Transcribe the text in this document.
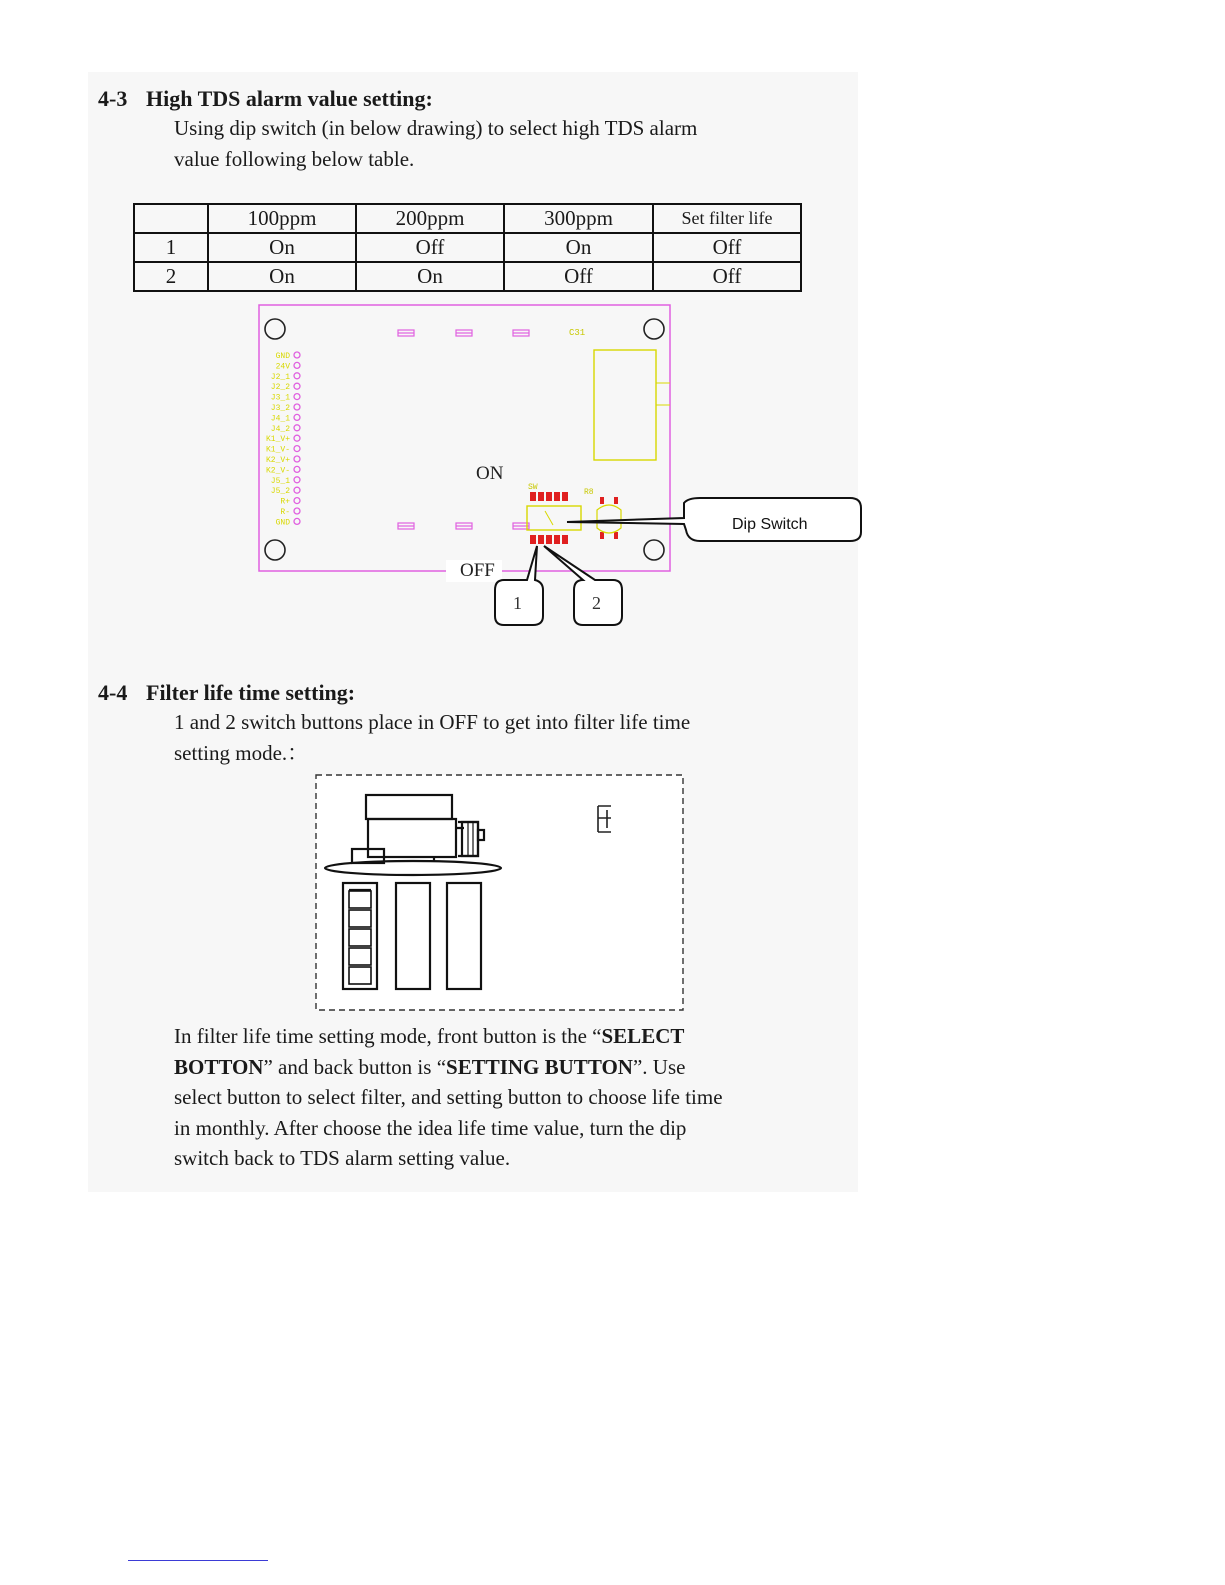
4-3 High TDS alarm value setting:
Using dip switch (in below drawing) to select high TDS alarm
value following below table.
	100ppm	200ppm	300ppm	Set filter life
1	On	Off	On	Off
2	On	On	Off	Off
C31
GND
24V
J2_1
J2_2
J3_1
J3_2
J4_1
J4_2
K1_V+
K1_V-
K2_V+
K2_V-
J5_1
J5_2
R+
R-
GND
SW
R8
ON
OFF
Dip Switch
1	2
4-4 Filter life time setting:
1 and 2 switch buttons place in OFF to get into filter life time
setting mode.：
In filter life time setting mode, front button is the “SELECT
BOTTON” and back button is “SETTING BUTTON”. Use
select button to select filter, and setting button to choose life time
in monthly. After choose the idea life time value, turn the dip
switch back to TDS alarm setting value.
